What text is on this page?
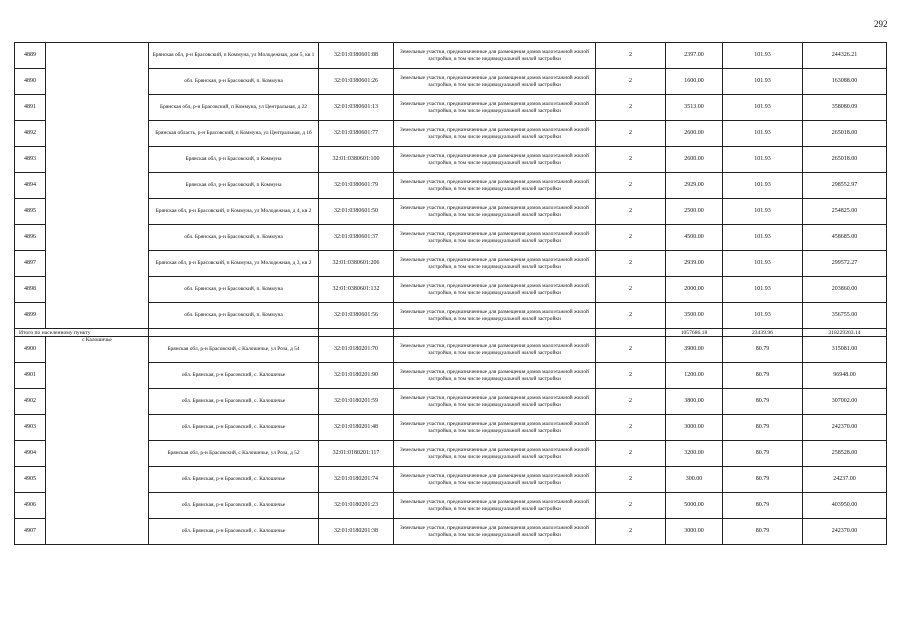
292
4889		Брянская обл, р-н Брасовский, п Коммуна, ул Молодежная, дом 5, кв 1	32:01:0380601:88	Земельные участки, предназначенные для размещения домов малоэтажной жилой застройки, в том числе индивидуальной жилой застройки	2	2397.00	101.93	244326.21
4890		обл. Брянская, р-н Брасовский, п. Коммуна	32:01:0380601:26	Земельные участки, предназначенные для размещения домов малоэтажной жилой застройки, в том числе индивидуальной жилой застройки	2	1600.00	101.93	163088.00
4891		Брянская обл, р-н Брасовский, п Коммуна, ул Центральная, д 22	32:01:0380601:13	Земельные участки, предназначенные для размещения домов малоэтажной жилой застройки, в том числе индивидуальной жилой застройки	2	3513.00	101.93	358080.09
4892		Брянская область, р-н Брасовский, п Коммуна, ул Центральная, д 1б	32:01:0380601:77	Земельные участки, предназначенные для размещения домов малоэтажной жилой застройки, в том числе индивидуальной жилой застройки	2	2600.00	101.93	265018.00
4893		Брянская обл, р-н Брасовский, п Коммуна	32:01:0380601:100	Земельные участки, предназначенные для размещения домов малоэтажной жилой застройки, в том числе индивидуальной жилой застройки	2	2600.00	101.93	265018.00
4894		Брянская обл, р-н Брасовский, п Коммуна	32:01:0380601:79	Земельные участки, предназначенные для размещения домов малоэтажной жилой застройки, в том числе индивидуальной жилой застройки	2	2929.00	101.93	298552.97
4895		Брянская обл, р-н Брасовский, п Коммуна, ул Молодежная, д 4, кв 2	32:01:0380601:50	Земельные участки, предназначенные для размещения домов малоэтажной жилой застройки, в том числе индивидуальной жилой застройки	2	2500.00	101.93	254825.00
4896		обл. Брянская, р-н Брасовский, п. Коммуна	32:01:0380601:37	Земельные участки, предназначенные для размещения домов малоэтажной жилой застройки, в том числе индивидуальной жилой застройки	2	4500.00	101.93	458685.00
4897		Брянская обл, р-н Брасовский, п Коммуна, ул Молодежная, д 3, кв 2	32:01:0380601:206	Земельные участки, предназначенные для размещения домов малоэтажной жилой застройки, в том числе индивидуальной жилой застройки	2	2939.00	101.93	299572.27
4898		обл. Брянская, р-н Брасовский, п. Коммуна	32:01:0380601:132	Земельные участки, предназначенные для размещения домов малоэтажной жилой застройки, в том числе индивидуальной жилой застройки	2	2000.00	101.93	203860.00
4899		обл. Брянская, р-н Брасовский, п. Коммуна	32:01:0380601:56	Земельные участки, предназначенные для размещения домов малоэтажной жилой застройки, в том числе индивидуальной жилой застройки	2	3500.00	101.93	356755.00
Итого по населенному пункту						1057686.18	23439.96	318229203.14
4900	с Калошичье	Брянская обл, р-н Брасовский, с Калошичье, ул Роза, д 54	32:01:0180201:70	Земельные участки, предназначенные для размещения домов малоэтажной жилой застройки, в том числе индивидуальной жилой застройки	2	3900.00	80.79	315081.00
4901		обл. Брянская, р-н Брасовский, с. Калошичье	32:01:0180201:90	Земельные участки, предназначенные для размещения домов малоэтажной жилой застройки, в том числе индивидуальной жилой застройки	2	1200.00	80.79	96948.00
4902		обл. Брянская, р-н Брасовский, с. Калошичье	32:01:0180201:59	Земельные участки, предназначенные для размещения домов малоэтажной жилой застройки, в том числе индивидуальной жилой застройки	2	3800.00	80.79	307002.00
4903		обл. Брянская, р-н Брасовский, с. Калошичье	32:01:0180201:48	Земельные участки, предназначенные для размещения домов малоэтажной жилой застройки, в том числе индивидуальной жилой застройки	2	3000.00	80.79	242370.00
4904		Брянская обл, р-н Брасовский, с Калошичье, ул Роза, д 52	32:01:0180201:117	Земельные участки, предназначенные для размещения домов малоэтажной жилой застройки, в том числе индивидуальной жилой застройки	2	3200.00	80.79	258528.00
4905		обл. Брянская, р-н Брасовский, с. Калошичье	32:01:0180201:74	Земельные участки, предназначенные для размещения домов малоэтажной жилой застройки, в том числе индивидуальной жилой застройки	2	300.00	80.79	24237.00
4906		обл. Брянская, р-н Брасовский, с. Калошичье	32:01:0180201:23	Земельные участки, предназначенные для размещения домов малоэтажной жилой застройки, в том числе индивидуальной жилой застройки	2	5000.00	80.79	403950.00
4907		обл. Брянская, р-н Брасовский, с. Калошичье	32:01:0180201:38	Земельные участки, предназначенные для размещения домов малоэтажной жилой застройки, в том числе индивидуальной жилой застройки	2	3000.00	80.79	242370.00
